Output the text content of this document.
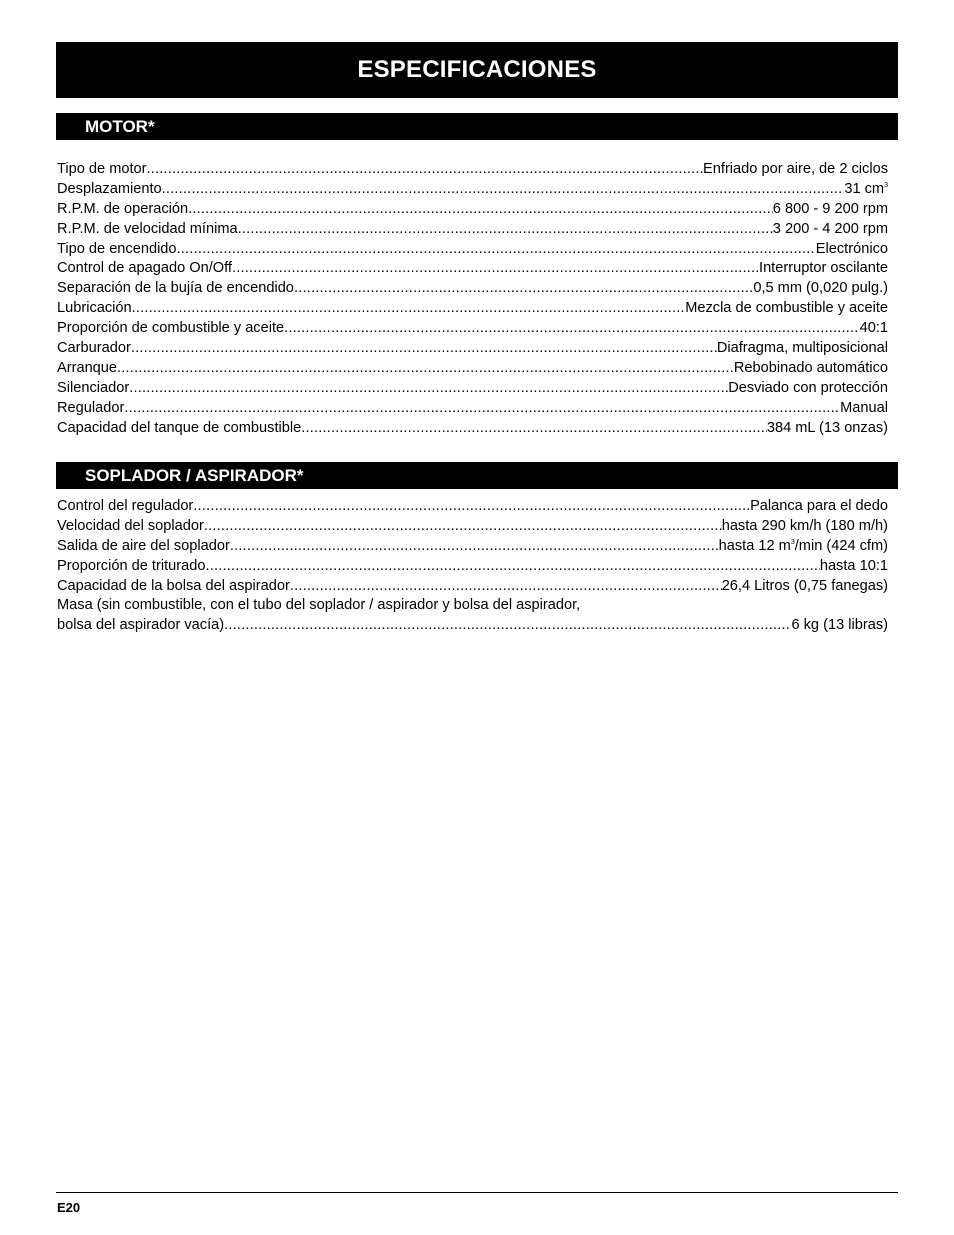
ESPECIFICACIONES
MOTOR*
Tipo de motor .....	Enfriado por aire, de 2 ciclos
Desplazamiento .....	31 $cm^3$
R.P.M. de operación .....	6 800 - 9 200 rpm
R.P.M. de velocidad mínima .....	3 200 - 4 200 rpm
Tipo de encendido .....	Electrónico
Control de apagado On/Off .....	Interruptor oscilante
Separación de la bujía de encendido .....	0,5 mm (0,020 pulg.)
Lubricación .....	Mezcla de combustible y aceite
Proporción de combustible y aceite .....	40:1
Carburador .....	Diafragma, multiposicional
Arranque .....	Rebobinado automático
Silenciador .....	Desviado con protección
Regulador .....	Manual
Capacidad del tanque de combustible .....	384 mL (13 onzas)
SOPLADOR / ASPIRADOR*
Control del regulador .....	Palanca para el dedo
Velocidad del soplador .....	hasta 290 km/h (180 m/h)
Salida de aire del soplador .....	hasta 12 $m^3/\min$ (424 cfm)
Proporción de triturado .....	hasta 10:1
Capacidad de la bolsa del aspirador .....	26,4 Litros (0,75 fanegas)
Masa (sin combustible, con el tubo del soplador / aspirador y bolsa del aspirador,
bolsa del aspirador vacía) .....	6 kg (13 libras)
E20
